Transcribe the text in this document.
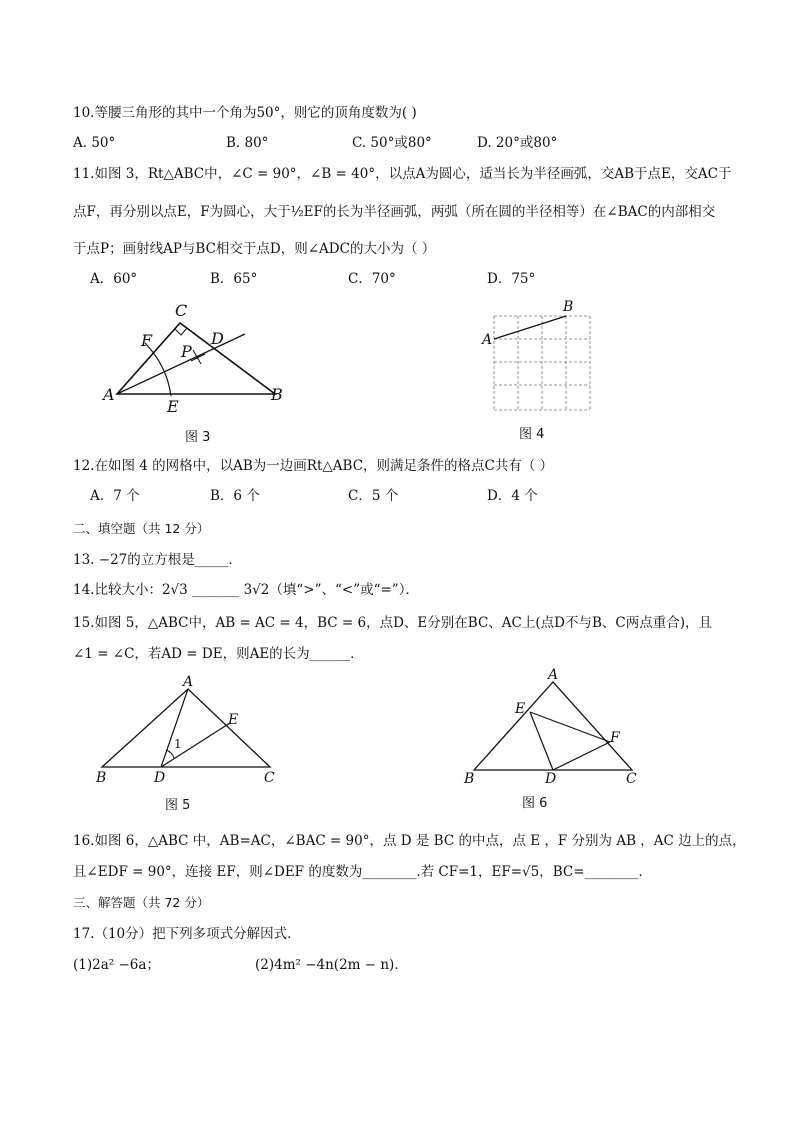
10.等腰三角形的其中一个角为50°，则它的顶角度数为( )
A. 50°	B. 80°	C. 50°或80°	D. 20°或80°
11.如图 3，Rt△ABC中，∠C = 90°，∠B = 40°，以点A为圆心，适当长为半径画弧，交AB于点E，交AC于
点F，再分别以点E，F为圆心，大于½EF的长为半径画弧，两弧（所在圆的半径相等）在∠BAC的内部相交
于点P；画射线AP与BC相交于点D，则∠ADC的大小为（ ）
A．60°	B．65°	C．70°	D．75°
A	B
C
D
E
F
P
图 3
A
B
图 4
12.在如图 4 的网格中，以AB为一边画Rt△ABC，则满足条件的格点C共有（ ）
A．7 个	B．6 个	C．5 个	D．4 个
二、填空题（共 12 分）
13. −27的立方根是_____．
14.比较大小：2√3 _______ 3√2（填“>”、“<”或“=”）．
15.如图 5，△ABC中，AB = AC = 4，BC = 6，点D、E分别在BC、AC上(点D不与B、C两点重合)，且
∠1 = ∠C，若AD = DE，则AE的长为______．
A
B	C
D
E
1
图 5
A
B	C
D
E
F
图 6
16.如图 6，△ABC 中，AB=AC，∠BAC = 90°，点 D 是 BC 的中点，点 E ，F 分别为 AB ，AC 边上的点，
且∠EDF = 90°，连接 EF，则∠DEF 的度数为________.若 CF=1，EF=√5，BC=________．
三、解答题（共 72 分）
17.（10分）把下列多项式分解因式．
(1)2a² −6a；	(2)4m² −4n(2m − n)．
